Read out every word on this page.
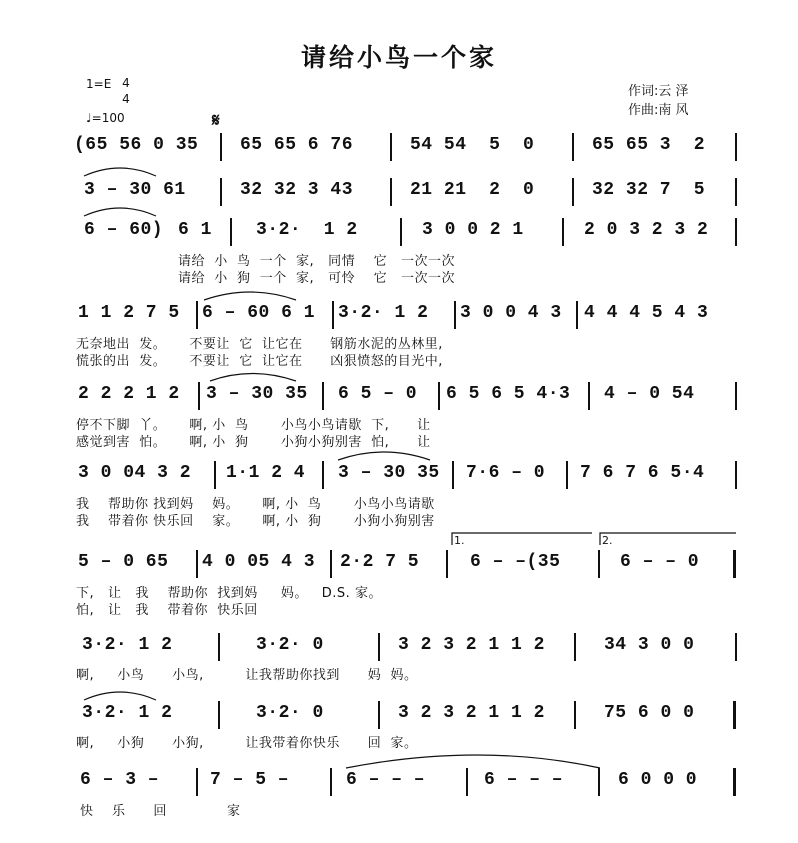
请给小鸟一个家
1=E 4
4
♩=100
作词:云 泽
作曲:南 风
𝄋
(65 56 0 35 65 65 6 76	54 54  5  0	65 65 3  2
3 – 30 61	32 32 3 43	21 21  2  0	32 32 7  5
6 – 60) 6 1 3·2·  1 2	3 0 0 2 1	2 0 3 2 3 2
请给  小  鸟  一个  家,   同情    它   一次一次
请给  小  狗  一个  家,   可怜    它   一次一次
1 1 2 7 5 6 – 60 6 1 3·2· 1 2 3 0 0 4 3 4 4 4 5 4 3
无奈地出  发。     不要让  它  让它在      钢筋水泥的丛林里,
慌张的出  发。     不要让  它  让它在      凶狠愤怒的目光中,
2 2 2 1 2 3 – 30 35 6 5 – 0 6 5 6 5 4·3 4 – 0 54
停不下脚  丫。     啊, 小  鸟       小鸟小鸟请歇  下,      让
感觉到害  怕。     啊, 小  狗       小狗小狗别害  怕,      让
3 0 04 3 2 1·1 2 4 3 – 30 35 7·6 – 0 7 6 7 6 5·4
我    帮助你 找到妈    妈。     啊, 小  鸟       小鸟小鸟请歇
我    带着你 快乐回    家。     啊, 小  狗       小狗小狗别害
5 – 0 65 4 0 05 4 3 2·2 7 5	6 – –(35	6 – – 0
1.	2.
下,   让   我    帮助你  找到妈     妈。   D.S. 家。
怕,   让   我    带着你  快乐回
3·2· 1 2	3·2· 0	3 2 3 2 1 1 2	34 3 0 0
啊,     小鸟      小鸟,         让我帮助你找到      妈  妈。
3·2· 1 2	3·2· 0	3 2 3 2 1 1 2	75 6 0 0
啊,     小狗      小狗,         让我带着你快乐      回  家。
6 – 3 –	7 – 5 –	6 – – –	6 – – –	6 0 0 0
快    乐      回             家
